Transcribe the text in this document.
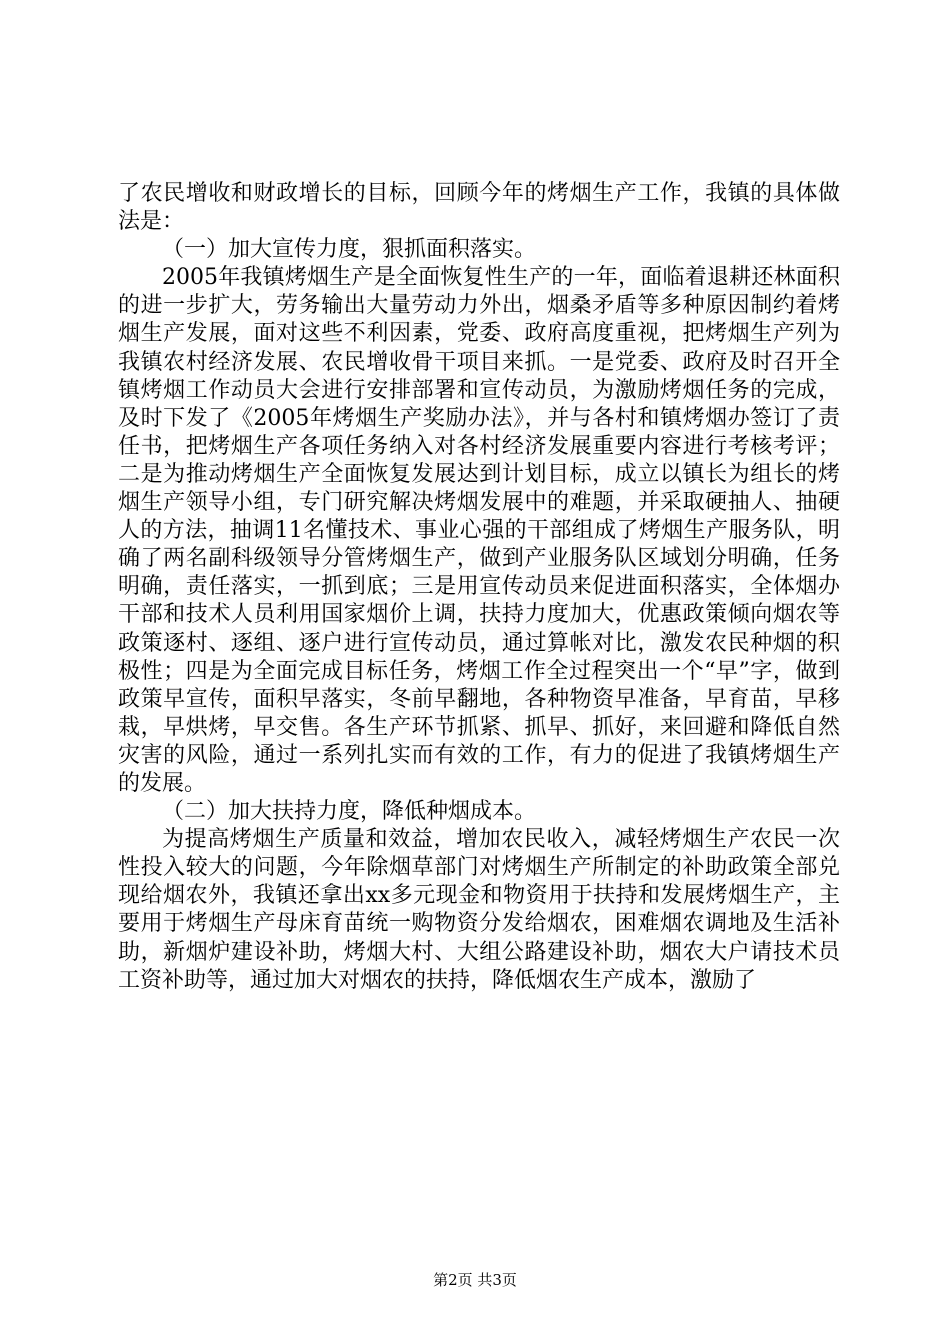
了农民增收和财政增长的目标，回顾今年的烤烟生产工作，我镇的具体做法是：

（一）加大宣传力度，狠抓面积落实。

2005年我镇烤烟生产是全面恢复性生产的一年，面临着退耕还林面积的进一步扩大，劳务输出大量劳动力外出，烟桑矛盾等多种原因制约着烤烟生产发展，面对这些不利因素，党委、政府高度重视，把烤烟生产列为我镇农村经济发展、农民增收骨干项目来抓。一是党委、政府及时召开全镇烤烟工作动员大会进行安排部署和宣传动员，为激励烤烟任务的完成，及时下发了《2005年烤烟生产奖励办法》，并与各村和镇烤烟办签订了责任书，把烤烟生产各项任务纳入对各村经济发展重要内容进行考核考评；二是为推动烤烟生产全面恢复发展达到计划目标，成立以镇长为组长的烤烟生产领导小组，专门研究解决烤烟发展中的难题，并采取硬抽人、抽硬人的方法，抽调11名懂技术、事业心强的干部组成了烤烟生产服务队，明确了两名副科级领导分管烤烟生产，做到产业服务队区域划分明确，任务明确，责任落实，一抓到底；三是用宣传动员来促进面积落实，全体烟办干部和技术人员利用国家烟价上调，扶持力度加大，优惠政策倾向烟农等政策逐村、逐组、逐户进行宣传动员，通过算帐对比，激发农民种烟的积极性；四是为全面完成目标任务，烤烟工作全过程突出一个“早”字，做到政策早宣传，面积早落实，冬前早翻地，各种物资早准备，早育苗，早移栽，早烘烤，早交售。各生产环节抓紧、抓早、抓好，来回避和降低自然灾害的风险，通过一系列扎实而有效的工作，有力的促进了我镇烤烟生产的发展。

（二）加大扶持力度，降低种烟成本。

为提高烤烟生产质量和效益，增加农民收入，减轻烤烟生产农民一次性投入较大的问题，今年除烟草部门对烤烟生产所制定的补助政策全部兑现给烟农外，我镇还拿出xx多元现金和物资用于扶持和发展烤烟生产，主要用于烤烟生产母床育苗统一购物资分发给烟农，困难烟农调地及生活补助，新烟炉建设补助，烤烟大村、大组公路建设补助，烟农大户请技术员工资补助等，通过加大对烟农的扶持，降低烟农生产成本，激励了

第2页 共3页
